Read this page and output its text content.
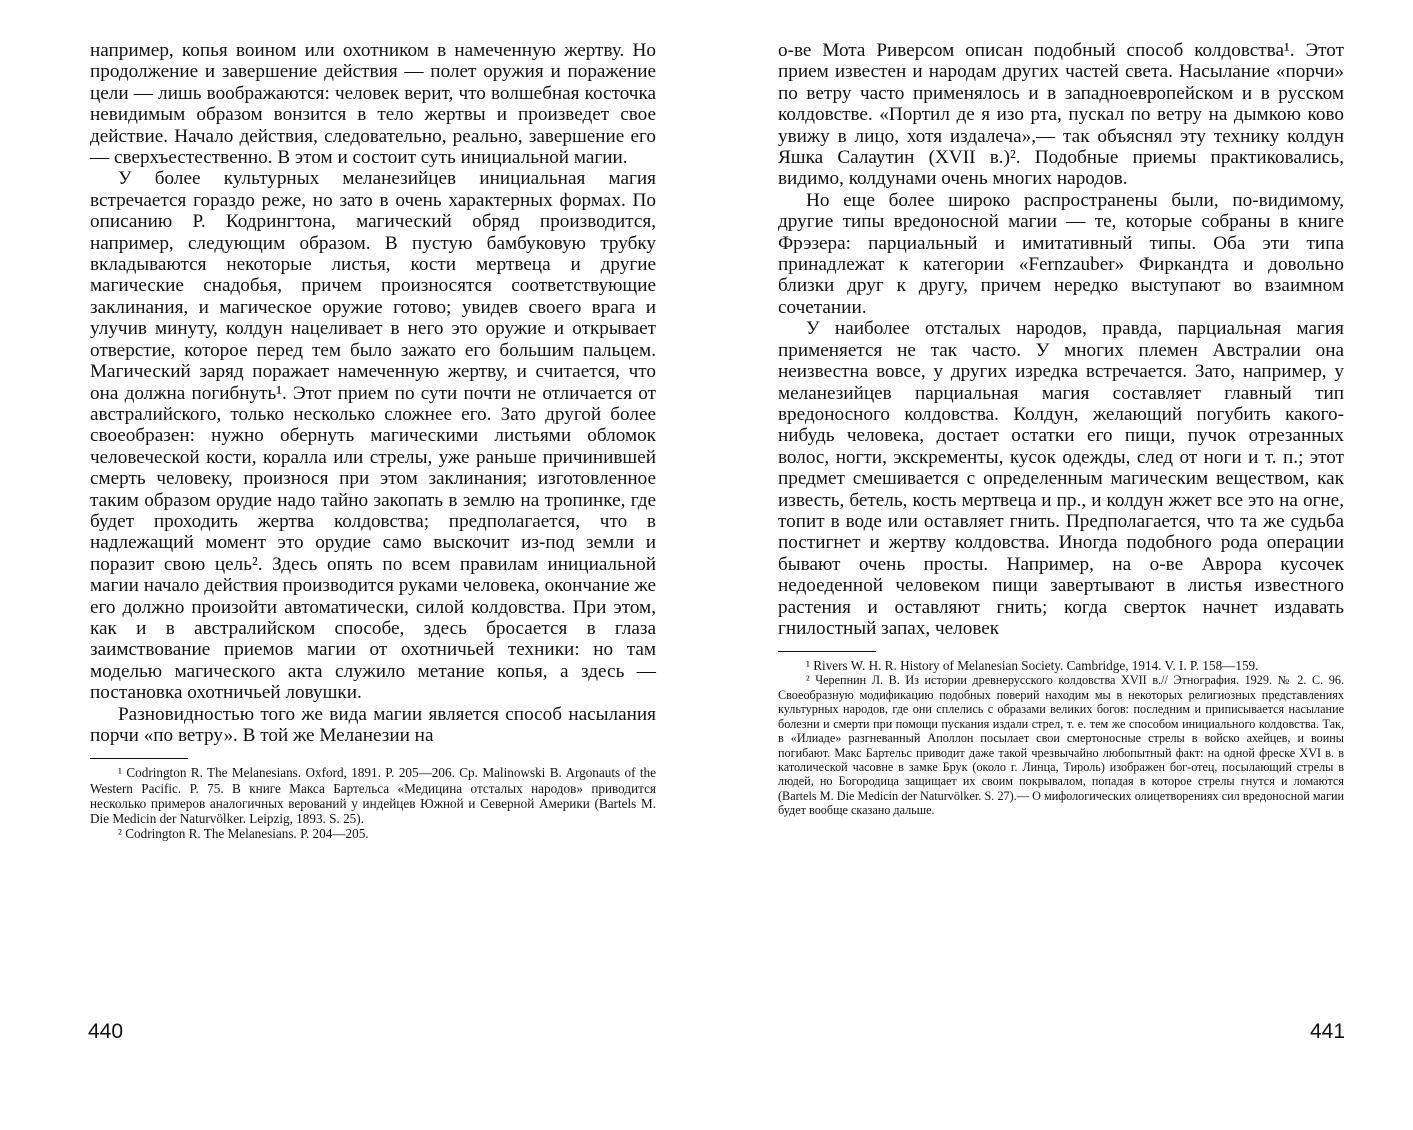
например, копья воином или охотником в намеченную жертву. Но продолжение и завершение действия — полет оружия и поражение цели — лишь воображаются: человек верит, что волшебная косточка невидимым образом вонзится в тело жертвы и произведет свое действие. Начало действия, следовательно, реально, завершение его — сверхъестественно. В этом и состоит суть инициальной магии.

У более культурных меланезийцев инициальная магия встречается гораздо реже, но зато в очень характерных формах. По описанию Р. Кодрингтона, магический обряд производится, например, следующим образом. В пустую бамбуковую трубку вкладываются некоторые листья, кости мертвеца и другие магические снадобья, причем произносятся соответствующие заклинания, и магическое оружие готово; увидев своего врага и улучив минуту, колдун нацеливает в него это оружие и открывает отверстие, которое перед тем было зажато его большим пальцем. Магический заряд поражает намеченную жертву, и считается, что она должна погибнуть¹. Этот прием по сути почти не отличается от австралийского, только несколько сложнее его. Зато другой более своеобразен: нужно обернуть магическими листьями обломок человеческой кости, коралла или стрелы, уже раньше причинившей смерть человеку, произнося при этом заклинания; изготовленное таким образом орудие надо тайно закопать в землю на тропинке, где будет проходить жертва колдовства; предполагается, что в надлежащий момент это орудие само выскочит из-под земли и поразит свою цель². Здесь опять по всем правилам инициальной магии начало действия производится руками человека, окончание же его должно произойти автоматически, силой колдовства. При этом, как и в австралийском способе, здесь бросается в глаза заимствование приемов магии от охотничьей техники: но там моделью магического акта служило метание копья, а здесь — постановка охотничьей ловушки.

Разновидностью того же вида магии является способ насылания порчи «по ветру». В той же Меланезии на

¹ Codrington R. The Melanesians. Oxford, 1891. P. 205—206. Ср. Malinowski B. Argonauts of the Western Pacific. P. 75. В книге Макса Бартельса «Медицина отсталых народов» приводится несколько примеров аналогичных верований у индейцев Южной и Северной Америки (Bartels M. Die Medicin der Naturvölker. Leipzig, 1893. S. 25).

² Codrington R. The Melanesians. P. 204—205.

440

о-ве Мота Риверсом описан подобный способ колдовства¹. Этот прием известен и народам других частей света. Насылание «порчи» по ветру часто применялось и в западноевропейском и в русском колдовстве. «Портил де я изо рта, пускал по ветру на дымкою ково увижу в лицо, хотя издалеча»,— так объяснял эту технику колдун Яшка Салаутин (XVII в.)². Подобные приемы практиковались, видимо, колдунами очень многих народов.

Но еще более широко распространены были, по-видимому, другие типы вредоносной магии — те, которые собраны в книге Фрэзера: парциальный и имитативный типы. Оба эти типа принадлежат к категории «Fernzauber» Фиркандта и довольно близки друг к другу, причем нередко выступают во взаимном сочетании.

У наиболее отсталых народов, правда, парциальная магия применяется не так часто. У многих племен Австралии она неизвестна вовсе, у других изредка встречается. Зато, например, у меланезийцев парциальная магия составляет главный тип вредоносного колдовства. Колдун, желающий погубить какого-нибудь человека, достает остатки его пищи, пучок отрезанных волос, ногти, экскременты, кусок одежды, след от ноги и т. п.; этот предмет смешивается с определенным магическим веществом, как известь, бетель, кость мертвеца и пр., и колдун жжет все это на огне, топит в воде или оставляет гнить. Предполагается, что та же судьба постигнет и жертву колдовства. Иногда подобного рода операции бывают очень просты. Например, на о-ве Аврора кусочек недоеденной человеком пищи завертывают в листья известного растения и оставляют гнить; когда сверток начнет издавать гнилостный запах, человек

¹ Rivers W. H. R. History of Melanesian Society. Cambridge, 1914. V. I. P. 158—159.

² Черепнин Л. В. Из истории древнерусского колдовства XVII в.// Этнография. 1929. № 2. С. 96. Своеобразную модификацию подобных поверий находим мы в некоторых религиозных представлениях культурных народов, где они сплелись с образами великих богов: последним и приписывается насылание болезни и смерти при помощи пускания издали стрел, т. е. тем же способом инициального колдовства. Так, в «Илиаде» разгневанный Аполлон посылает свои смертоносные стрелы в войско ахейцев, и воины погибают. Макс Бартельс приводит даже такой чрезвычайно любопытный факт: на одной фреске XVI в. в католической часовне в замке Брук (около г. Линца, Тироль) изображен бог-отец, посылающий стрелы в людей, но Богородица защищает их своим покрывалом, попадая в которое стрелы гнутся и ломаются (Bartels M. Die Medicin der Naturvölker. S. 27).— О мифологических олицетворениях сил вредоносной магии будет вообще сказано дальше.

441
